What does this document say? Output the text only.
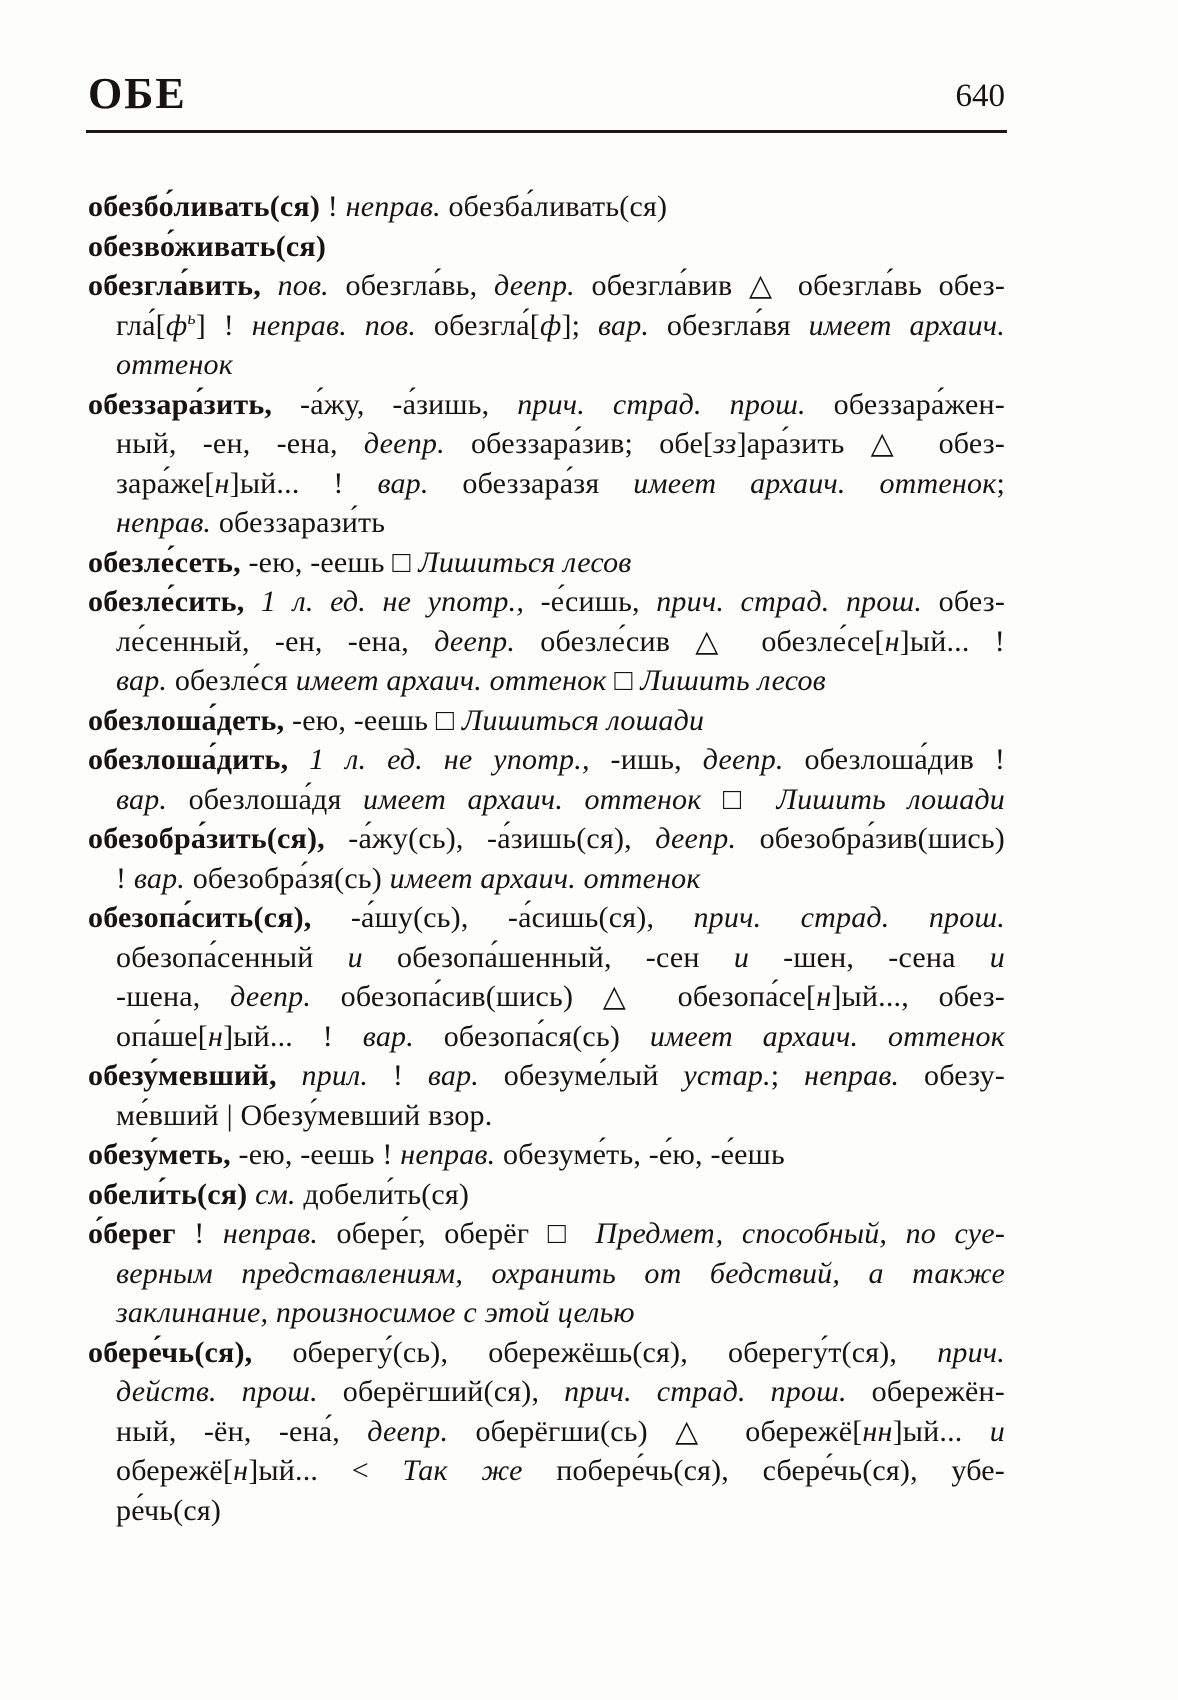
ОБЕ	640
обезбо́ливать(ся) ! неправ. обезба́ливать(ся)
обезво́живать(ся)
обезгла́вить, пов. обезгла́вь, деепр. обезгла́вив △ обезгла́вь обез-
$гла́[ф^ь]$ ! неправ. пов. обезгла́[ф]; вар. обезгла́вя имеет архаич.
оттенок
обеззара́зить, -а́жу, -а́зишь, прич. страд. прош. обеззара́жен-
ный, -ен, -ена, деепр. обеззара́зив; обе[зз]ара́зить △ обез-
зара́же[н]ый... ! вар. обеззара́зя имеет архаич. оттенок;
неправ. обеззарази́ть
обезле́сеть, -ею, -еешь □ Лишиться лесов
обезле́сить, 1 л. ед. не употр., -е́сишь, прич. страд. прош. обез-
ле́сенный, -ен, -ена, деепр. обезле́сив △ обезле́се[н]ый... !
вар. обезле́ся имеет архаич. оттенок □ Лишить лесов
обезлоша́деть, -ею, -еешь □ Лишиться лошади
обезлоша́дить, 1 л. ед. не употр., -ишь, деепр. обезлоша́див !
вар. обезлоша́дя имеет архаич. оттенок □ Лишить лошади
обезобра́зить(ся), -а́жу(сь), -а́зишь(ся), деепр. обезобра́зив(шись)
! вар. обезобра́зя(сь) имеет архаич. оттенок
обезопа́сить(ся), -а́шу(сь), -а́сишь(ся), прич. страд. прош.
обезопа́сенный и обезопа́шенный, -сен и -шен, -сена и
-шена, деепр. обезопа́сив(шись) △ обезопа́се[н]ый..., обез-
опа́ше[н]ый... ! вар. обезопа́ся(сь) имеет архаич. оттенок
обезу́мевший, прил. ! вар. обезуме́лый устар.; неправ. обезу-
ме́вший | Обезу́мевший взор.
обезу́меть, -ею, -еешь ! неправ. обезуме́ть, -е́ю, -е́ешь
обели́ть(ся) см. добели́ть(ся)
о́берег ! неправ. обере́г, оберёг □ Предмет, способный, по суе-
верным представлениям, охранить от бедствий, а также
заклинание, произносимое с этой целью
обере́чь(ся), оберегу́(сь), обережёшь(ся), оберегу́т(ся), прич.
действ. прош. оберёгший(ся), прич. страд. прош. обережён-
ный, -ён, -ена́, деепр. оберёгши(сь) △ обережё[нн]ый... и
обережё[н]ый... < Так же побере́чь(ся), сбере́чь(ся), убе-
ре́чь(ся)
